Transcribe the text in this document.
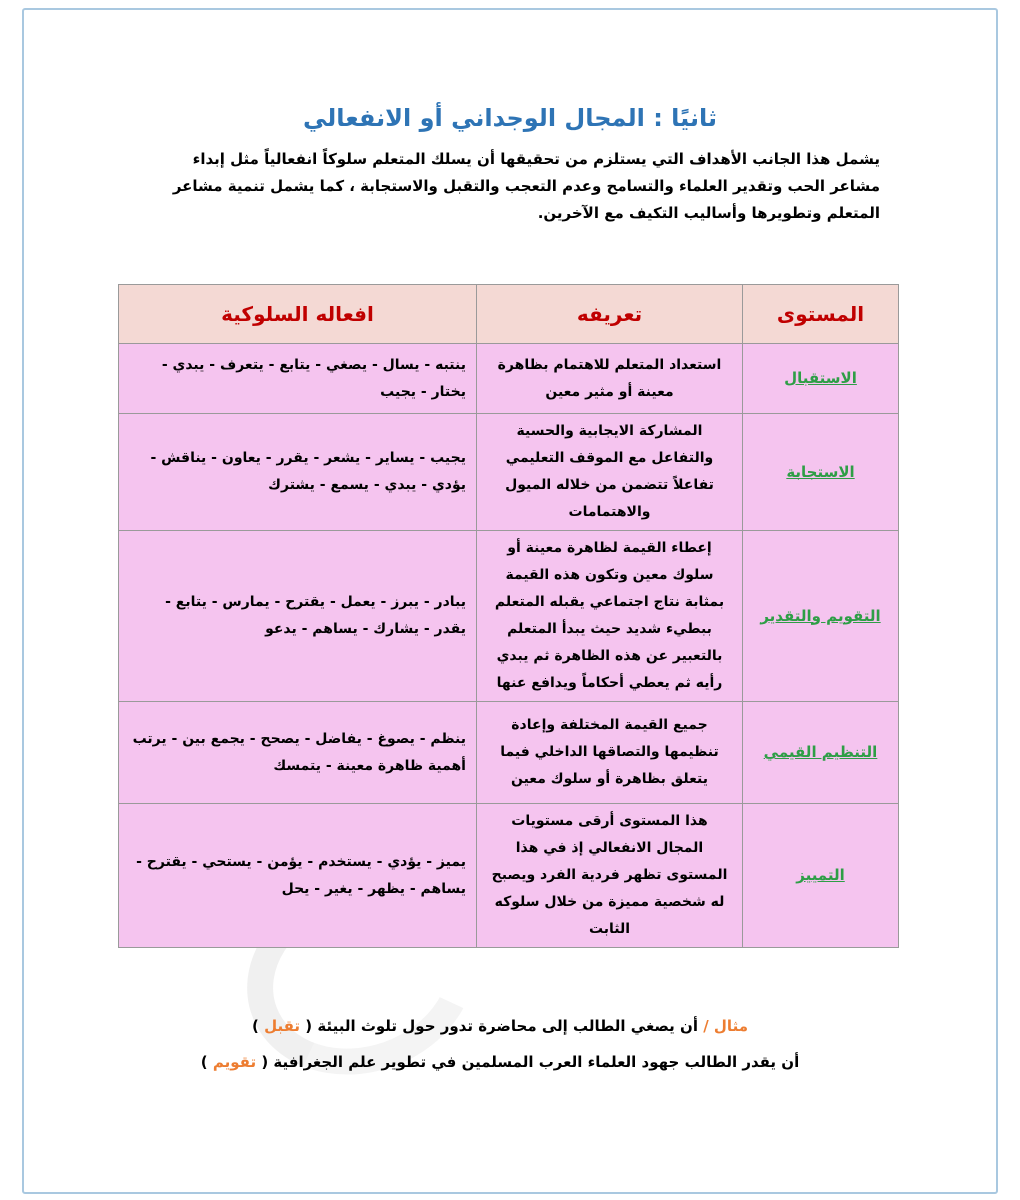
ثانيًا : المجال الوجداني أو الانفعالي

يشمل هذا الجانب الأهداف التي يستلزم من تحقيقها أن يسلك المتعلم سلوكاً انفعالياً مثل إبداء مشاعر الحب وتقدير العلماء والتسامح وعدم التعجب والتقبل والاستجابة ، كما يشمل تنمية مشاعر المتعلم وتطويرها وأساليب التكيف مع الآخرين.

المستوى	تعريفه	افعاله السلوكية
الاستقبال	استعداد المتعلم للاهتمام بظاهرة معينة أو مثير معين	ينتبه - يسال - يصغي - يتابع - يتعرف - يبدي - يختار - يجيب
الاستجابة	المشاركة الايجابية والحسية والتفاعل مع الموقف التعليمي تفاعلاً تتضمن من خلاله الميول والاهتمامات	يجيب - يساير - يشعر - يقرر - يعاون - يناقش - يؤدي - يبدي - يسمع - يشترك
التقويم والتقدير	إعطاء القيمة لظاهرة معينة أو سلوك معين وتكون هذه القيمة بمثابة نتاج اجتماعي يقبله المتعلم ببطيء شديد حيث يبدأ المتعلم بالتعبير عن هذه الظاهرة ثم يبدي رأيه ثم يعطي أحكاماً ويدافع عنها	يبادر - يبرز - يعمل - يقترح - يمارس - يتابع - يقدر - يشارك - يساهم - يدعو
التنظيم القيمي	جميع القيمة المختلفة وإعادة تنظيمها والتصاقها الداخلي فيما يتعلق بظاهرة أو سلوك معين	ينظم - يصوغ - يفاضل - يصحح - يجمع بين - يرتب أهمية ظاهرة معينة - يتمسك
التمييز	هذا المستوى أرقى مستويات المجال الانفعالي إذ في هذا المستوى تظهر فردية الفرد ويصبح له شخصية مميزة من خلال سلوكه الثابت	يميز - يؤدي - يستخدم - يؤمن - يستحي - يقترح - يساهم - يظهر - يغير - يحل
مثال / أن يصغي الطالب إلى محاضرة تدور حول تلوث البيئة ( تقبل )
أن يقدر الطالب جهود العلماء العرب المسلمين في تطوير علم الجغرافية ( تقويم )
